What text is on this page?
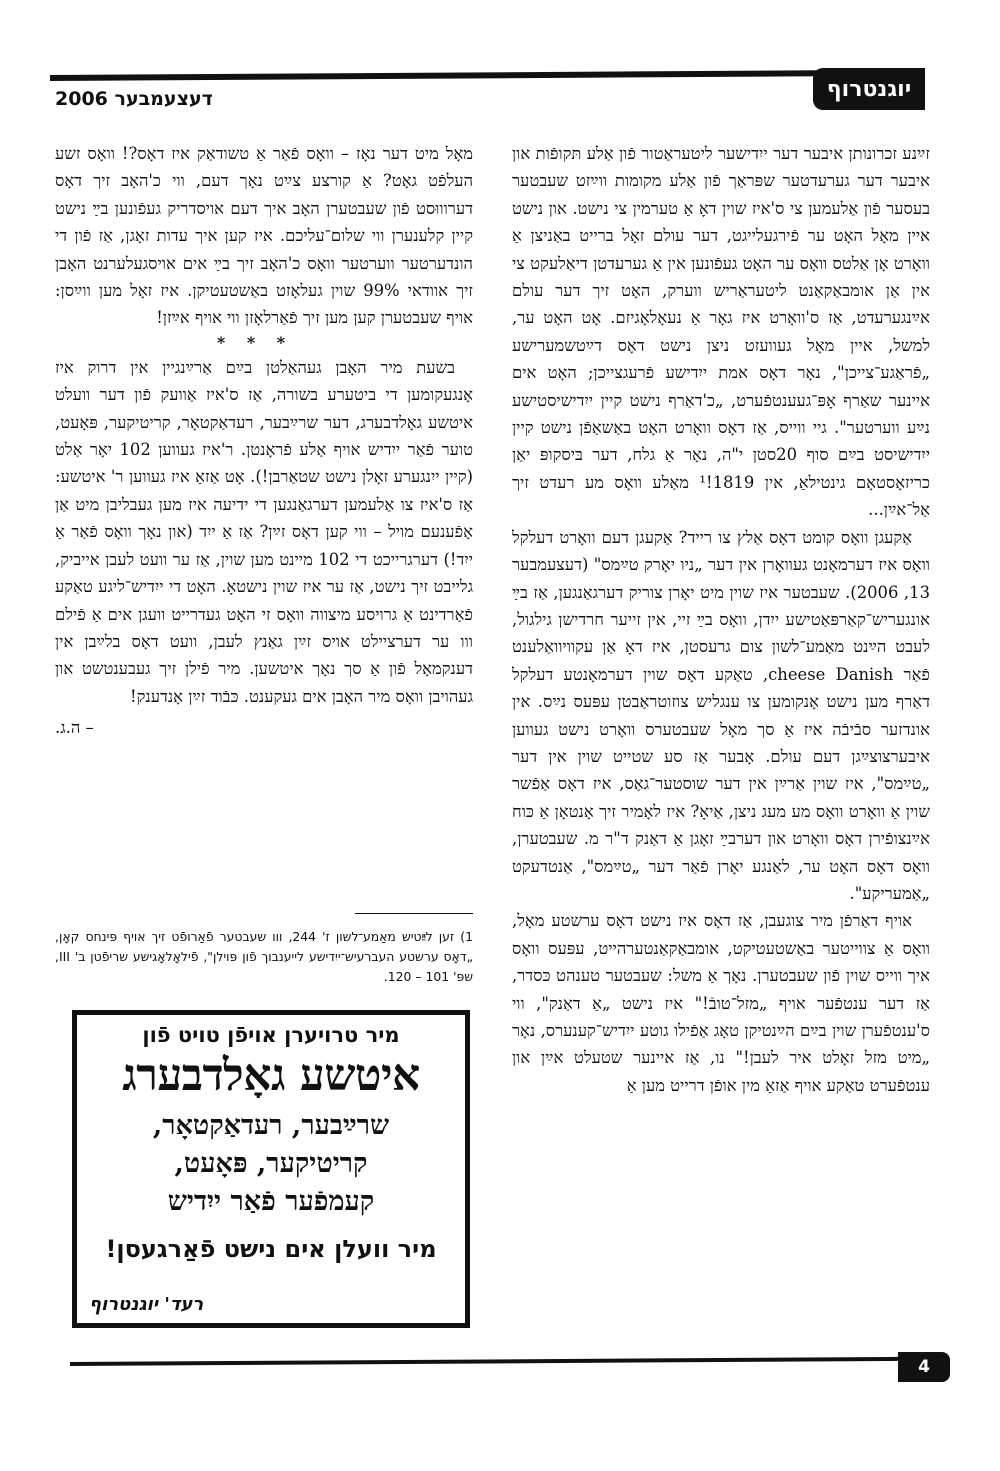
יוגנטרוף
דעצעמבער 2006

זײַנע זכרונותן איבער דער ייִדישער ליטעראַטור פֿון אַלע תּקופֿות און איבער דער גערעדטער שפּראַך פֿון אַלע מקומות ווײַזט שעבטער בעסער פֿון אַלעמען צי ס'איז שוין דאָ אַ טערמין צי נישט. און נישט איין מאָל האָט ער פֿירגעלייגט, דער עולם זאָל ברייט באַניצן אַ וואָרט אָן אַלטס וואָס ער האָט געפֿונען אין אַ גערעדטן דיאַלעקט צי אין אַן אומבאַקאַנט ליטעראַריש ווערק, האָט זיך דער עולם אײַנגערעדט, אַז ס'וואָרט איז גאָר אַ נעאָלאָגיזם. אָט האָט ער, למשל, איין מאָל געוועזט ניצן נישט דאָס דײַטשמערישע „פֿראַגע־צייכן", נאָר דאָס אמת ייִדישע פֿרעגצייכן; האָט אים איינער שאַרף אָפּ־געענטפֿערט, „כ'דאַרף נישט קיין ייִדישיסטישע נײַע ווערטער". גיי ווייס, אַז דאָס וואָרט האָט באַשאַפֿן נישט קיין ייִדישיסט בײַם סוף 20סטן י"ה, נאָר אַ גלח, דער בּיסקופּ יאַן כריזאָסטאָם גינטילאַ, אין 1819!¹ מאַלע וואָס מע רעדט זיך אַל־אײַן...

אַקעגן וואָס קומט דאָס אַלץ צו רייד? אַקעגן דעם וואָרט דעלקל וואָס איז דערמאָנט געוואָרן אין דער „ניו יאָרק טײַמס" (דעצעמבער 13, 2006). שעבטער איז שוין מיט יאָרן צוריק דערגאַנגען, אַז בײַ אונגעריש־קאַרפּאַטישע ייִדן, וואָס בײַ זיי, אין זייער חרדישן גילגול, לעבט הײַנט מאַמע־לשון צום גרעסטן, איז דאָ אַן עקוויוואַלענט פֿאַר cheese Danish, טאַקע דאָס שוין דערמאָנטע דעלקל דאַרף מען נישט אָנקומען צו ענגליש צוזוטראַבטן עפּעס נײַס. אין אונדזער סבֿיבֿה איז אַ סך מאָל שעבטערס וואָרט נישט געווען איבערצוצײַגן דעם עולם. אָבער אַז סע שטייט שוין אין דער „טײַמס", איז שוין אַרײַן אין דער שוסטער־גאַס, איז דאָס אַפֿשר שוין אַ וואָרט וואָס מע מעג ניצן, אַיאָ? איז לאָמיר זיך אָנטאָן אַ כּוח אײַנצופֿירן דאָס וואָרט און דערבײַ זאָגן אַ דאַנק ד"ר מ. שעבטערן, וואָס דאָס האָט ער, לאַנגע יאָרן פֿאַר דער „טײַמס", אַנטדעקט „אַמעריקע".

אויף דאַרפֿן מיר צוגעבן, אַז דאָס איז נישט דאָס ערשטע מאָל, וואָס אַ צווייטער באַשטעטיקט, אומבאַקאַנטערהייט, עפּעס וואָס איך ווייס שוין פֿון שעבטערן. נאָך אַ משל: שעבטער טענהט כּסדר, אַז דער ענטפֿער אויף „מזל־טובֿ!" איז נישט „אַ דאַנק", ווי ס'ענטפֿערן שוין בײַם הײַנטיקן טאָג אַפֿילו גוטע ייִדיש־קענערס, נאָר „מיט מזל זאָלט איר לעבן!" נו, אַז איינער שטעלט אײַן און ענטפֿערט טאַקע אויף אַזאַ מין אופֿן דרייט מען אַ

מאָל מיט דער נאָז – וואָס פֿאַר אַ טשודאַק איז דאָס?! וואָס זשע העלפֿט גאָט? אַ קורצע צײַט נאָך דעם, ווי כ'האָב זיך דאָס דערוווּסט פֿון שעבטערן האָב איך דעם אויסדריק געפֿונען בײַ נישט קיין קלענערן ווי שלום־עליכם. איז קען איך עדות זאָגן, אַז פֿון די הונדערטער ווערטער וואָס כ'האָב זיך בײַ אים אויסגעלערנט האָבן זיך אוודאי 99% שוין געלאָזט באַשטעטיקן. איז זאָל מען ווײַסן: אויף שעבטערן קען מען זיך פֿאַרלאָזן ווי אויף אײַזן!

* * *

בשעת מיר האָבן געהאַלטן בײַם אַרײַנגיין אין דרוק איז אָנגעקומען די ביטערע בשורה, אַז ס'איז אַוועק פֿון דער וועלט איטשע גאָלדבערג, דער שרײַבער, רעדאַקטאָר, קריטיקער, פּאָעט, טוער פֿאַר ייִדיש אויף אַלע פֿראָנטן. ר'איז געווען 102 יאָר אַלט (קיין ייִנגערע זאָלן נישט שטאַרבן!). אָט אַזאַ איז געווען ר' איטשע: אַז ס'איז צו אַלעמען דערגאַנגען די ידיעה איז מען געבליבן מיט אַן אָפֿענעם מויל – ווי קען דאָס זײַן? אַז אַ ייִד (און נאָך וואָס פֿאַר אַ ייִד!) דערגרייכט די 102 מיינט מען שוין, אַז ער וועט לעבן אייביק, גלייבט זיך נישט, אַז ער איז שוין נישטאָ. האָט די ייִדיש־ליגע טאַקע פֿאַרדינט אַ גרויסע מיצווה וואָס זי האָט געדרייט וועגן אים אַ פֿילם ווו ער דערציילט אויס זײַן גאַנץ לעבן, וועט דאָס בלײַבן אין דענקמאָל פֿון אַ סך נאָך איטשען. מיר פֿילן זיך געבענטשט און געהויבן וואָס מיר האָבן אים געקענט. כּבֿוד זײַן אָנדענק!

– ה.ג.

1) זען לײַטיש מאַמע־לשון ז' 244, ווו שעבטער פֿאַרופֿט זיך אויף פּינחס קאָן, „דאָס ערשטע העברעיש־ייִדישע לייענבוך פֿון פּוילן", פֿילאָלאָגישע שריפֿטן ב' III, שפּ' 101 – 120.
מיר טרויערן אויפֿן טויט פֿון
איטשע גאָלדבערג
שרײַבער, רעדאַקטאָר,
קריטיקער, פּאָעט,
קעמפֿער פֿאַר ייִדיש
מיר וועלן אים נישט פֿאַרגעסן!
רעד' יוגנטרוף
4
